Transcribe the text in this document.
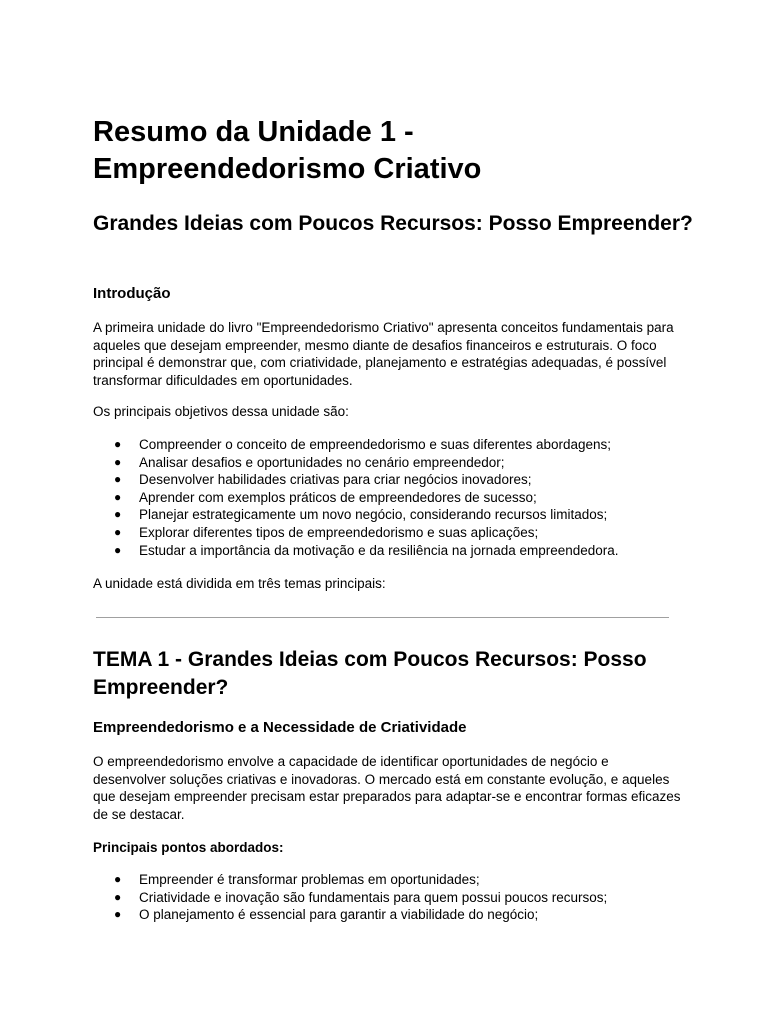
Resumo da Unidade 1 - Empreendedorismo Criativo
Grandes Ideias com Poucos Recursos: Posso Empreender?
Introdução

A primeira unidade do livro "Empreendedorismo Criativo" apresenta conceitos fundamentais para aqueles que desejam empreender, mesmo diante de desafios financeiros e estruturais. O foco principal é demonstrar que, com criatividade, planejamento e estratégias adequadas, é possível transformar dificuldades em oportunidades.

Os principais objetivos dessa unidade são:

● Compreender o conceito de empreendedorismo e suas diferentes abordagens;
● Analisar desafios e oportunidades no cenário empreendedor;
● Desenvolver habilidades criativas para criar negócios inovadores;
● Aprender com exemplos práticos de empreendedores de sucesso;
● Planejar estrategicamente um novo negócio, considerando recursos limitados;
● Explorar diferentes tipos de empreendedorismo e suas aplicações;
● Estudar a importância da motivação e da resiliência na jornada empreendedora.

A unidade está dividida em três temas principais:

TEMA 1 - Grandes Ideias com Poucos Recursos: Posso Empreender?
Empreendedorismo e a Necessidade de Criatividade

O empreendedorismo envolve a capacidade de identificar oportunidades de negócio e desenvolver soluções criativas e inovadoras. O mercado está em constante evolução, e aqueles que desejam empreender precisam estar preparados para adaptar-se e encontrar formas eficazes de se destacar.

Principais pontos abordados:

● Empreender é transformar problemas em oportunidades;
● Criatividade e inovação são fundamentais para quem possui poucos recursos;
● O planejamento é essencial para garantir a viabilidade do negócio;
